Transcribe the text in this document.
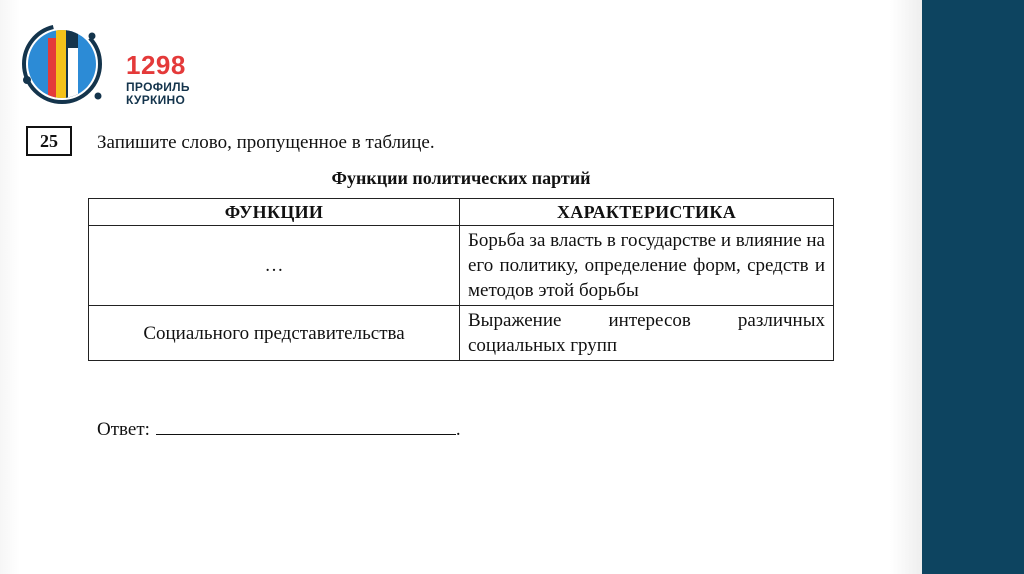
1298
ПРОФИЛЬ
КУРКИНО
25 Запишите слово, пропущенное в таблице.
Функции политических партий
ФУНКЦИИ	ХАРАКТЕРИСТИКА
…	Борьба за власть в государстве и влияние на его политику, определение форм, средств и методов этой борьбы
Социального представительства	Выражение интересов различных социальных групп
Ответ:	.
